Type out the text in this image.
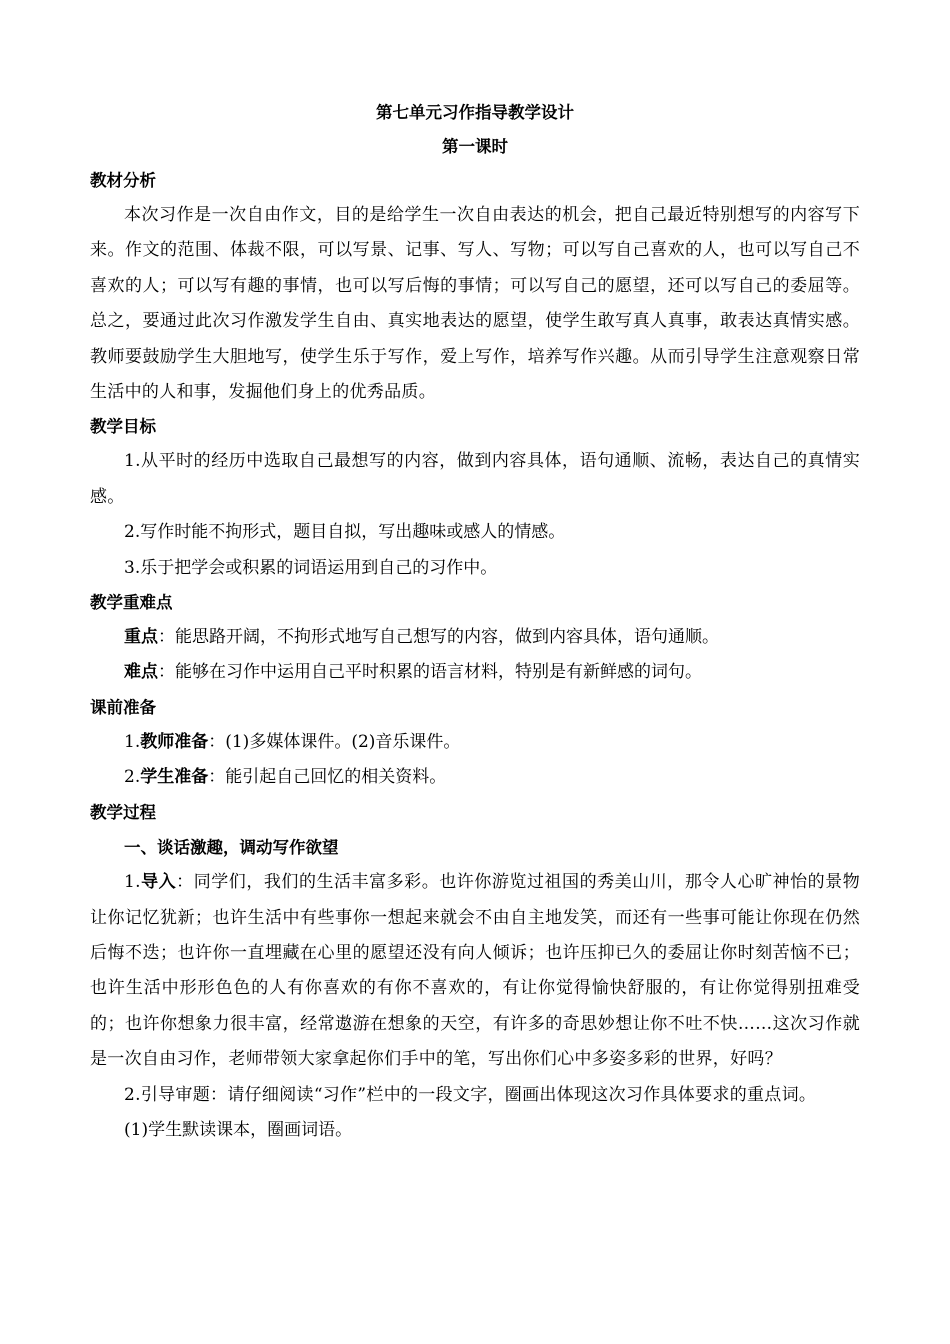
第七单元习作指导教学设计
第一课时
教材分析

本次习作是一次自由作文，目的是给学生一次自由表达的机会，把自己最近特别想写的内容写下来。作文的范围、体裁不限，可以写景、记事、写人、写物；可以写自己喜欢的人，也可以写自己不喜欢的人；可以写有趣的事情，也可以写后悔的事情；可以写自己的愿望，还可以写自己的委屈等。总之，要通过此次习作激发学生自由、真实地表达的愿望，使学生敢写真人真事，敢表达真情实感。教师要鼓励学生大胆地写，使学生乐于写作，爱上写作，培养写作兴趣。从而引导学生注意观察日常生活中的人和事，发掘他们身上的优秀品质。

教学目标

1.从平时的经历中选取自己最想写的内容，做到内容具体，语句通顺、流畅，表达自己的真情实感。

2.写作时能不拘形式，题目自拟，写出趣味或感人的情感。

3.乐于把学会或积累的词语运用到自己的习作中。

教学重难点

重点：能思路开阔，不拘形式地写自己想写的内容，做到内容具体，语句通顺。

难点：能够在习作中运用自己平时积累的语言材料，特别是有新鲜感的词句。

课前准备

1.教师准备：(1)多媒体课件。(2)音乐课件。

2.学生准备：能引起自己回忆的相关资料。

教学过程

一、谈话激趣，调动写作欲望

1.导入：同学们，我们的生活丰富多彩。也许你游览过祖国的秀美山川，那令人心旷神怡的景物让你记忆犹新；也许生活中有些事你一想起来就会不由自主地发笑，而还有一些事可能让你现在仍然后悔不迭；也许你一直埋藏在心里的愿望还没有向人倾诉；也许压抑已久的委屈让你时刻苦恼不已；也许生活中形形色色的人有你喜欢的有你不喜欢的，有让你觉得愉快舒服的，有让你觉得别扭难受的；也许你想象力很丰富，经常遨游在想象的天空，有许多的奇思妙想让你不吐不快……这次习作就是一次自由习作，老师带领大家拿起你们手中的笔，写出你们心中多姿多彩的世界，好吗？

2.引导审题：请仔细阅读“习作”栏中的一段文字，圈画出体现这次习作具体要求的重点词。

(1)学生默读课本，圈画词语。
